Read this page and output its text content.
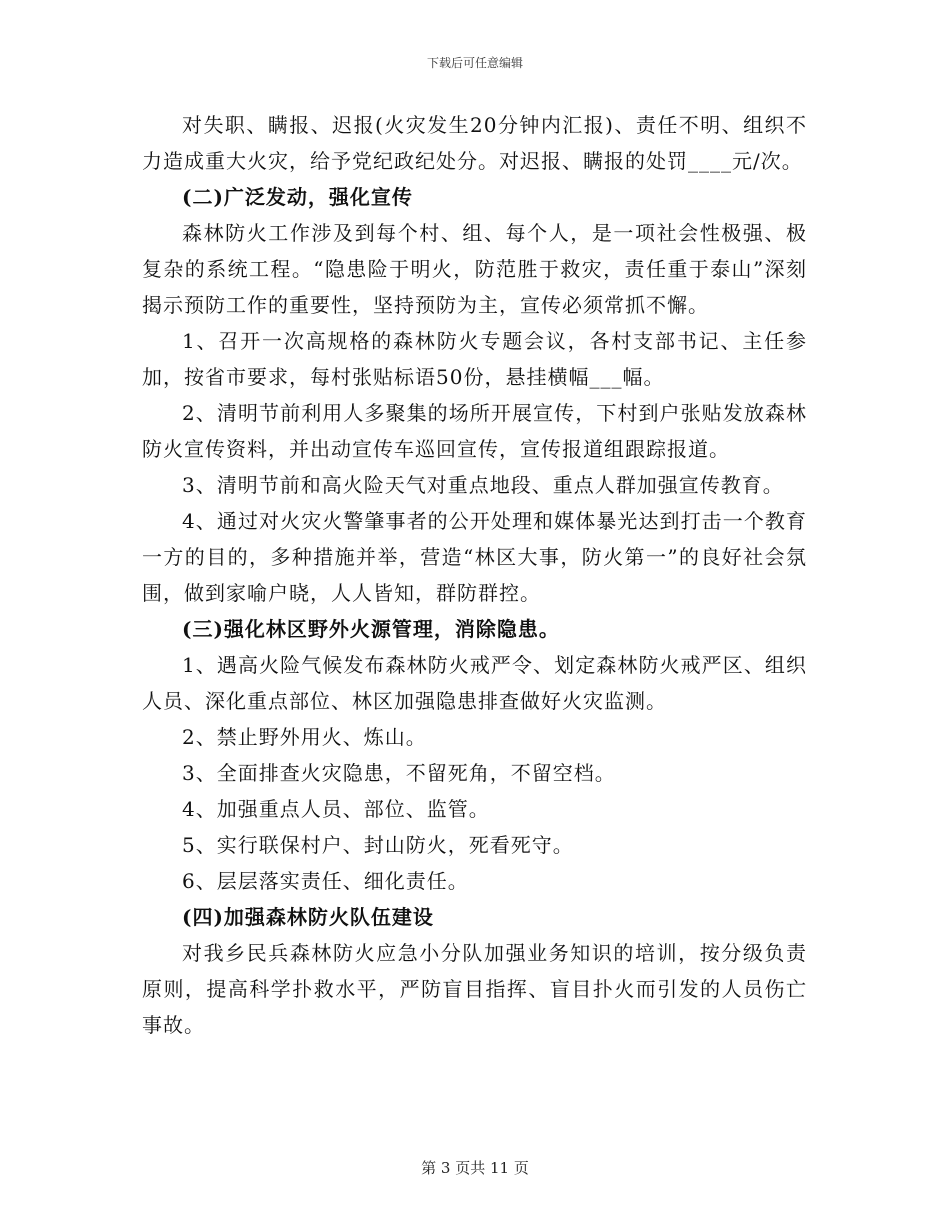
下载后可任意编辑

对失职、瞒报、迟报(火灾发生20分钟内汇报)、责任不明、组织不力造成重大火灾，给予党纪政纪处分。对迟报、瞒报的处罚____元/次。

(二)广泛发动，强化宣传

森林防火工作涉及到每个村、组、每个人，是一项社会性极强、极复杂的系统工程。“隐患险于明火，防范胜于救灾，责任重于泰山”深刻揭示预防工作的重要性，坚持预防为主，宣传必须常抓不懈。

1、召开一次高规格的森林防火专题会议，各村支部书记、主任参加，按省市要求，每村张贴标语50份，悬挂横幅___幅。

2、清明节前利用人多聚集的场所开展宣传，下村到户张贴发放森林防火宣传资料，并出动宣传车巡回宣传，宣传报道组跟踪报道。

3、清明节前和高火险天气对重点地段、重点人群加强宣传教育。

4、通过对火灾火警肇事者的公开处理和媒体暴光达到打击一个教育一方的目的，多种措施并举，营造“林区大事，防火第一”的良好社会氛围，做到家喻户晓，人人皆知，群防群控。

(三)强化林区野外火源管理，消除隐患。

1、遇高火险气候发布森林防火戒严令、划定森林防火戒严区、组织人员、深化重点部位、林区加强隐患排查做好火灾监测。

2、禁止野外用火、炼山。

3、全面排查火灾隐患，不留死角，不留空档。

4、加强重点人员、部位、监管。

5、实行联保村户、封山防火，死看死守。

6、层层落实责任、细化责任。

(四)加强森林防火队伍建设

对我乡民兵森林防火应急小分队加强业务知识的培训，按分级负责原则，提高科学扑救水平，严防盲目指挥、盲目扑火而引发的人员伤亡事故。

第 3 页共 11 页
